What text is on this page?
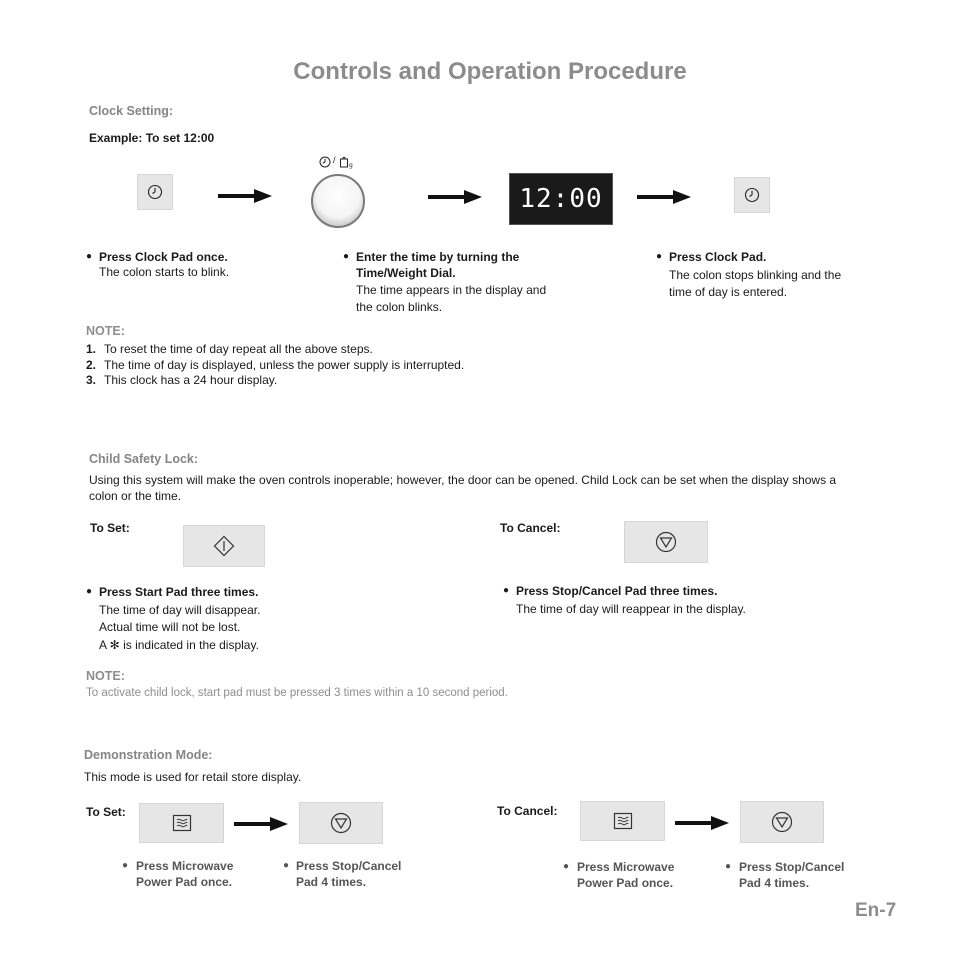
Controls and Operation Procedure
Clock Setting:
Example: To set 12:00
/
g
12:00
● Press Clock Pad once.
The colon starts to blink.
● Enter the time by turning the
Time/Weight Dial.
The time appears in the display and
the colon blinks.
● Press Clock Pad.
The colon stops blinking and the
time of day is entered.
NOTE:
1. To reset the time of day repeat all the above steps.
2. The time of day is displayed, unless the power supply is interrupted.
3. This clock has a 24 hour display.
Child Safety Lock:
Using this system will make the oven controls inoperable; however, the door can be opened. Child Lock can be set when the display shows a
colon or the time.
To Set:	To Cancel:
● Press Start Pad three times.
The time of day will disappear.
Actual time will not be lost.
A ✻ is indicated in the display.
● Press Stop/Cancel Pad three times.
The time of day will reappear in the display.
NOTE:
To activate child lock, start pad must be pressed 3 times within a 10 second period.
Demonstration Mode:
This mode is used for retail store display.
To Set:
● Press Microwave
Power Pad once.
● Press Stop/Cancel
Pad 4 times.
To Cancel:
● Press Microwave
Power Pad once.
● Press Stop/Cancel
Pad 4 times.
En-7
